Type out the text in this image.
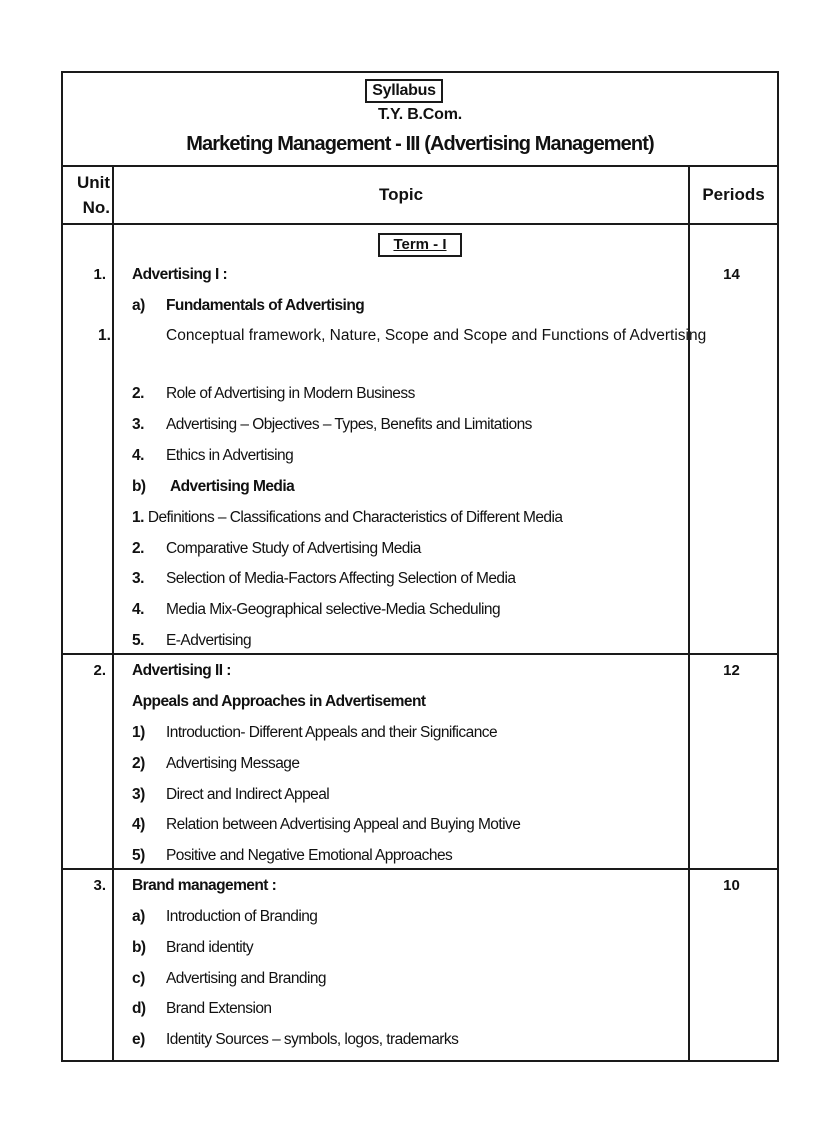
Syllabus
T.Y. B.Com.
Marketing Management - III (Advertising Management)
Unit
No.
Topic	Periods
Term - I
1. Advertising I :	14
a) Fundamentals of Advertising
1.	Conceptual framework, Nature, Scope and Scope and Functions of Advertising
2. Role of Advertising in Modern Business
3. Advertising – Objectives – Types, Benefits and Limitations
4. Ethics in Advertising
b) Advertising Media
1. Definitions – Classifications and Characteristics of Different Media
2. Comparative Study of Advertising Media
3. Selection of Media-Factors Affecting Selection of Media
4. Media Mix-Geographical selective-Media Scheduling
5. E-Advertising
2. Advertising II :	12
Appeals and Approaches in Advertisement
1) Introduction- Different Appeals and their Significance
2) Advertising Message
3) Direct and Indirect Appeal
4) Relation between Advertising Appeal and Buying Motive
5) Positive and Negative Emotional Approaches
3. Brand management :	10
a) Introduction of Branding
b) Brand identity
c) Advertising and Branding
d) Brand Extension
e) Identity Sources – symbols, logos, trademarks
